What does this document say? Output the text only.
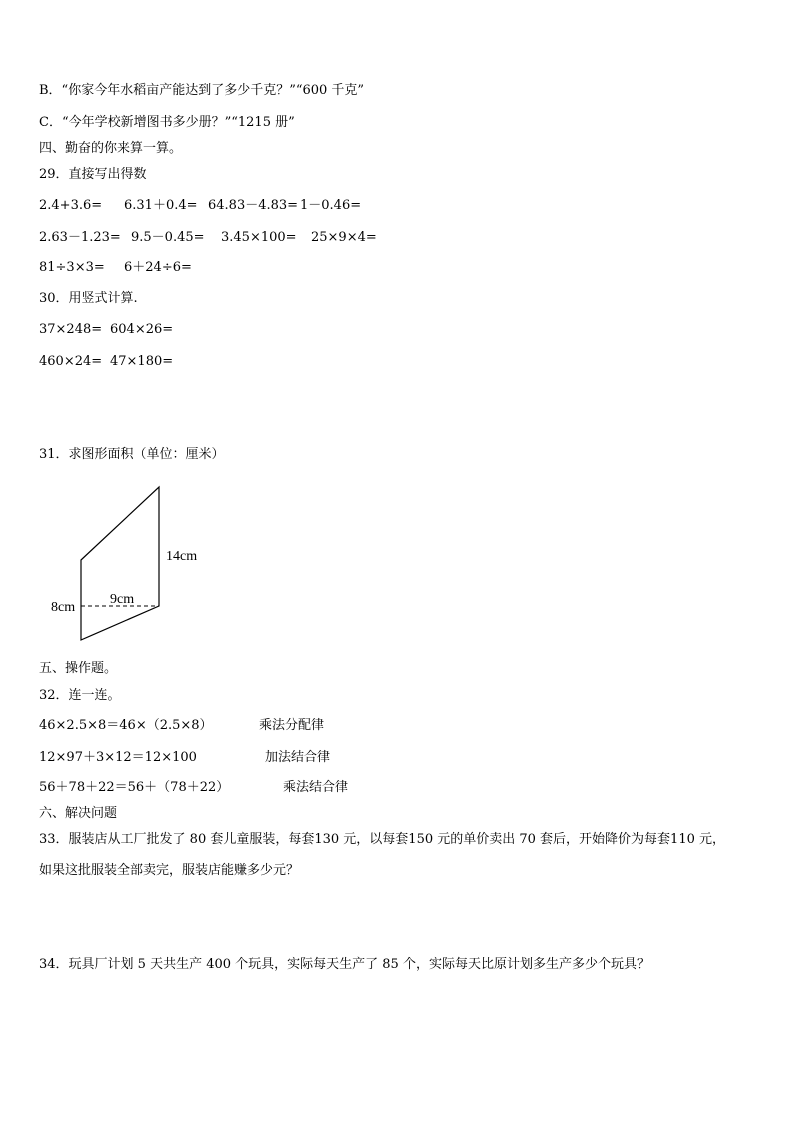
B．“你家今年水稻亩产能达到了多少千克？”“600 千克”
C．“今年学校新增图书多少册？”“1215 册”
四、勤奋的你来算一算。
29．直接写出得数
2.4+3.6= 6.31＋0.4= 64.83－4.83= 1－0.46=
2.63－1.23= 9.5－0.45= 3.45×100= 25×9×4=
81÷3×3= 6＋24÷6=
30．用竖式计算.
37×248= 604×26=
460×24= 47×180=
31．求图形面积（单位：厘米）
14cm
9cm
8cm
五、操作题。
32．连一连。
46×2.5×8＝46×（2.5×8）	乘法分配律
12×97＋3×12＝12×100	加法结合律
56＋78＋22＝56＋（78＋22）	乘法结合律
六、解决问题
33．服装店从工厂批发了 80 套儿童服装，每套130 元，以每套150 元的单价卖出 70 套后，开始降价为每套110 元，
如果这批服装全部卖完，服装店能赚多少元？
34．玩具厂计划 5 天共生产 400 个玩具，实际每天生产了 85 个，实际每天比原计划多生产多少个玩具？
